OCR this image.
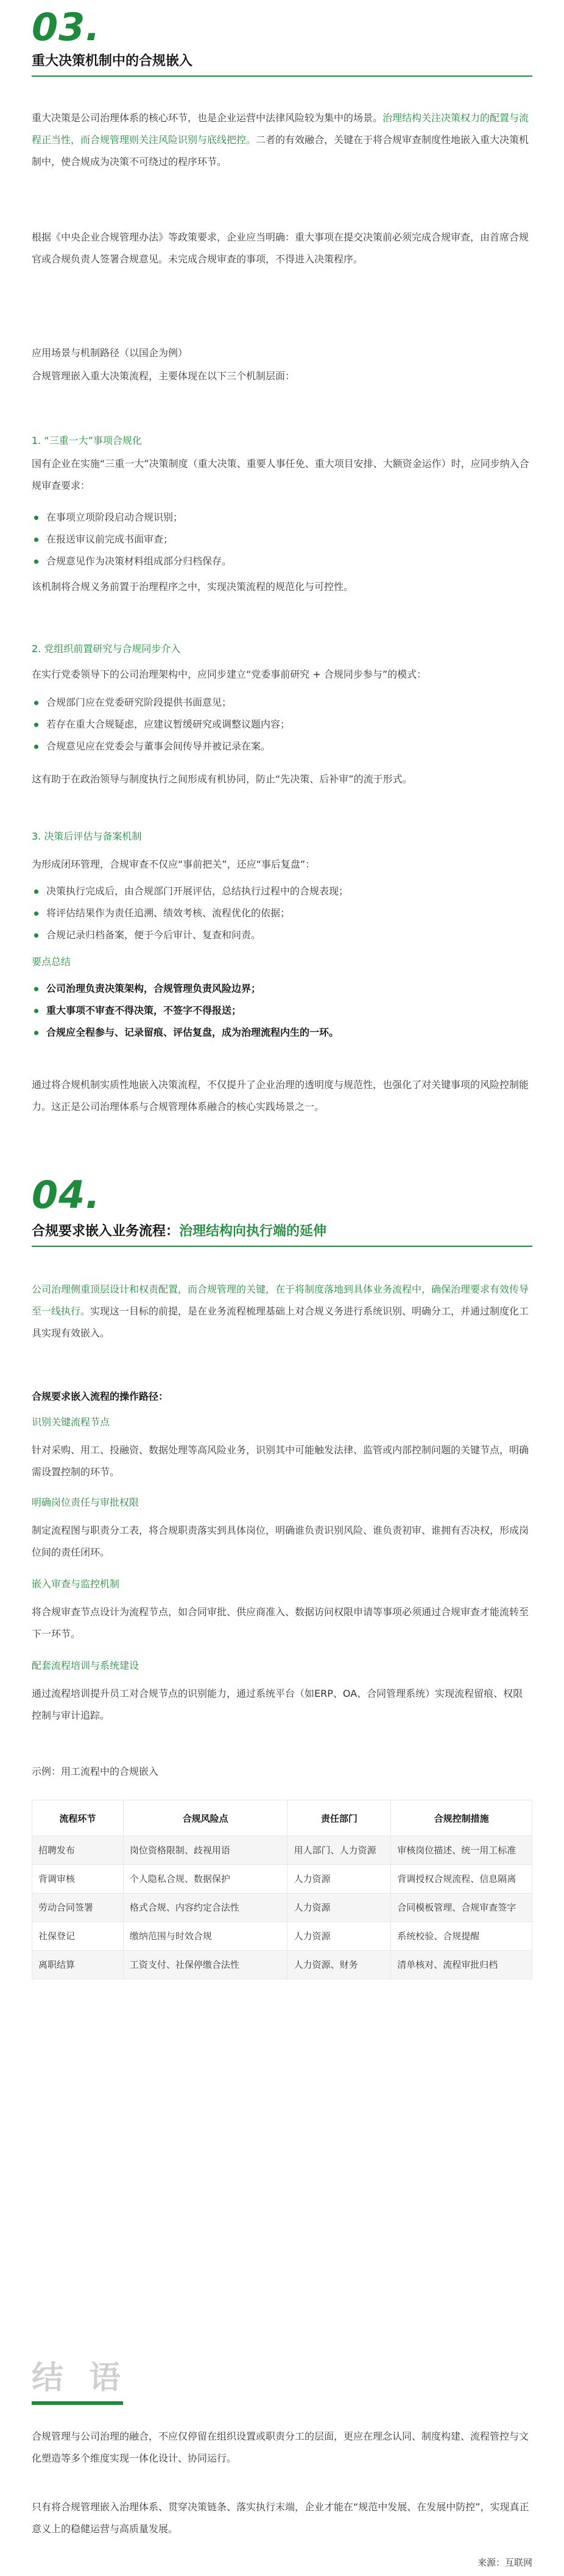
03.
重大决策机制中的合规嵌入
重大决策是公司治理体系的核心环节，也是企业运营中法律风险较为集中的场景。治理结构关注决策权力的配置与流程正当性，而合规管理则关注风险识别与底线把控。二者的有效融合，关键在于将合规审查制度性地嵌入重大决策机制中，使合规成为决策不可绕过的程序环节。
根据《中央企业合规管理办法》等政策要求，企业应当明确：重大事项在提交决策前必须完成合规审查，由首席合规官或合规负责人签署合规意见。未完成合规审查的事项，不得进入决策程序。
应用场景与机制路径（以国企为例）
合规管理嵌入重大决策流程，主要体现在以下三个机制层面：
1. “三重一大”事项合规化
国有企业在实施“三重一大”决策制度（重大决策、重要人事任免、重大项目安排、大额资金运作）时，应同步纳入合规审查要求：
在事项立项阶段启动合规识别；
在报送审议前完成书面审查；
合规意见作为决策材料组成部分归档保存。
该机制将合规义务前置于治理程序之中，实现决策流程的规范化与可控性。
2. 党组织前置研究与合规同步介入
在实行党委领导下的公司治理架构中，应同步建立“党委事前研究 + 合规同步参与”的模式：
合规部门应在党委研究阶段提供书面意见；
若存在重大合规疑虑，应建议暂缓研究或调整议题内容；
合规意见应在党委会与董事会间传导并被记录在案。
这有助于在政治领导与制度执行之间形成有机协同，防止“先决策、后补审”的流于形式。
3. 决策后评估与备案机制
为形成闭环管理，合规审查不仅应“事前把关”，还应“事后复盘”：
决策执行完成后，由合规部门开展评估，总结执行过程中的合规表现；
将评估结果作为责任追溯、绩效考核、流程优化的依据；
合规记录归档备案，便于今后审计、复查和问责。
要点总结
公司治理负责决策架构，合规管理负责风险边界；
重大事项不审查不得决策，不签字不得报送；
合规应全程参与、记录留痕、评估复盘，成为治理流程内生的一环。
通过将合规机制实质性地嵌入决策流程，不仅提升了企业治理的透明度与规范性，也强化了对关键事项的风险控制能力。这正是公司治理体系与合规管理体系融合的核心实践场景之一。
04.
合规要求嵌入业务流程：治理结构向执行端的延伸
公司治理侧重顶层设计和权责配置，而合规管理的关键，在于将制度落地到具体业务流程中，确保治理要求有效传导至一线执行。实现这一目标的前提，是在业务流程梳理基础上对合规义务进行系统识别、明确分工，并通过制度化工具实现有效嵌入。
合规要求嵌入流程的操作路径：
识别关键流程节点
针对采购、用工、投融资、数据处理等高风险业务，识别其中可能触发法律、监管或内部控制问题的关键节点，明确需设置控制的环节。
明确岗位责任与审批权限
制定流程图与职责分工表，将合规职责落实到具体岗位，明确谁负责识别风险、谁负责初审、谁拥有否决权，形成岗位间的责任闭环。
嵌入审查与监控机制
将合规审查节点设计为流程节点，如合同审批、供应商准入、数据访问权限申请等事项必须通过合规审查才能流转至下一环节。
配套流程培训与系统建设
通过流程培训提升员工对合规节点的识别能力，通过系统平台（如ERP、OA、合同管理系统）实现流程留痕、权限控制与审计追踪。
示例：用工流程中的合规嵌入
流程环节	合规风险点	责任部门	合规控制措施
招聘发布	岗位资格限制、歧视用语	用人部门、人力资源	审核岗位描述、统一用工标准
背调审核	个人隐私合规、数据保护	人力资源	背调授权合规流程、信息隔离
劳动合同签署	格式合规、内容约定合法性	人力资源	合同模板管理、合规审查签字
社保登记	缴纳范围与时效合规	人力资源	系统校验、合规提醒
离职结算	工资支付、社保停缴合法性	人力资源、财务	清单核对、流程审批归档
结 语
合规管理与公司治理的融合，不应仅停留在组织设置或职责分工的层面，更应在理念认同、制度构建、流程管控与文化塑造等多个维度实现一体化设计、协同运行。
只有将合规管理嵌入治理体系、贯穿决策链条、落实执行末端，企业才能在“规范中发展、在发展中防控”，实现真正意义上的稳健运营与高质量发展。
来源：互联网
